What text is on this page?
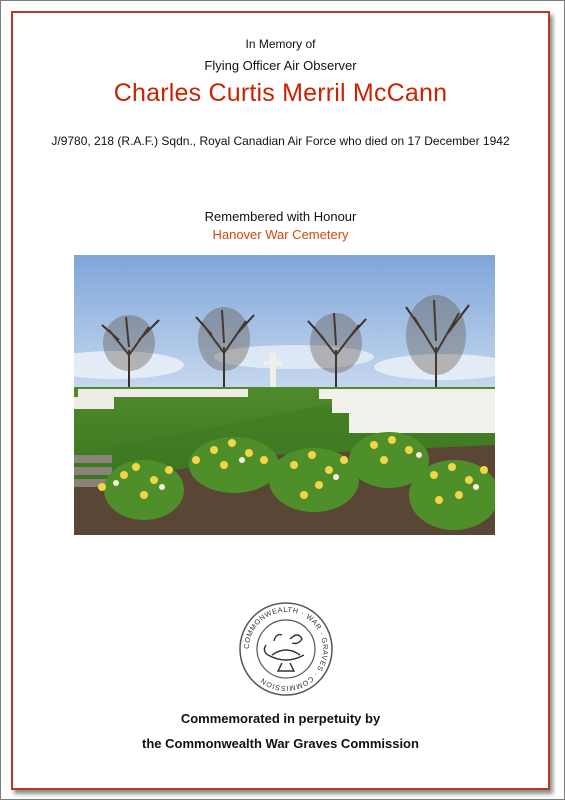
In Memory of
Flying Officer Air Observer
Charles Curtis Merril McCann
J/9780, 218 (R.A.F.) Sqdn., Royal Canadian Air Force who died on 17 December 1942
Remembered with Honour
Hanover War Cemetery
COMMONWEALTH · WAR · GRAVES · COMMISSION
Commemorated in perpetuity by
the Commonwealth War Graves Commission
